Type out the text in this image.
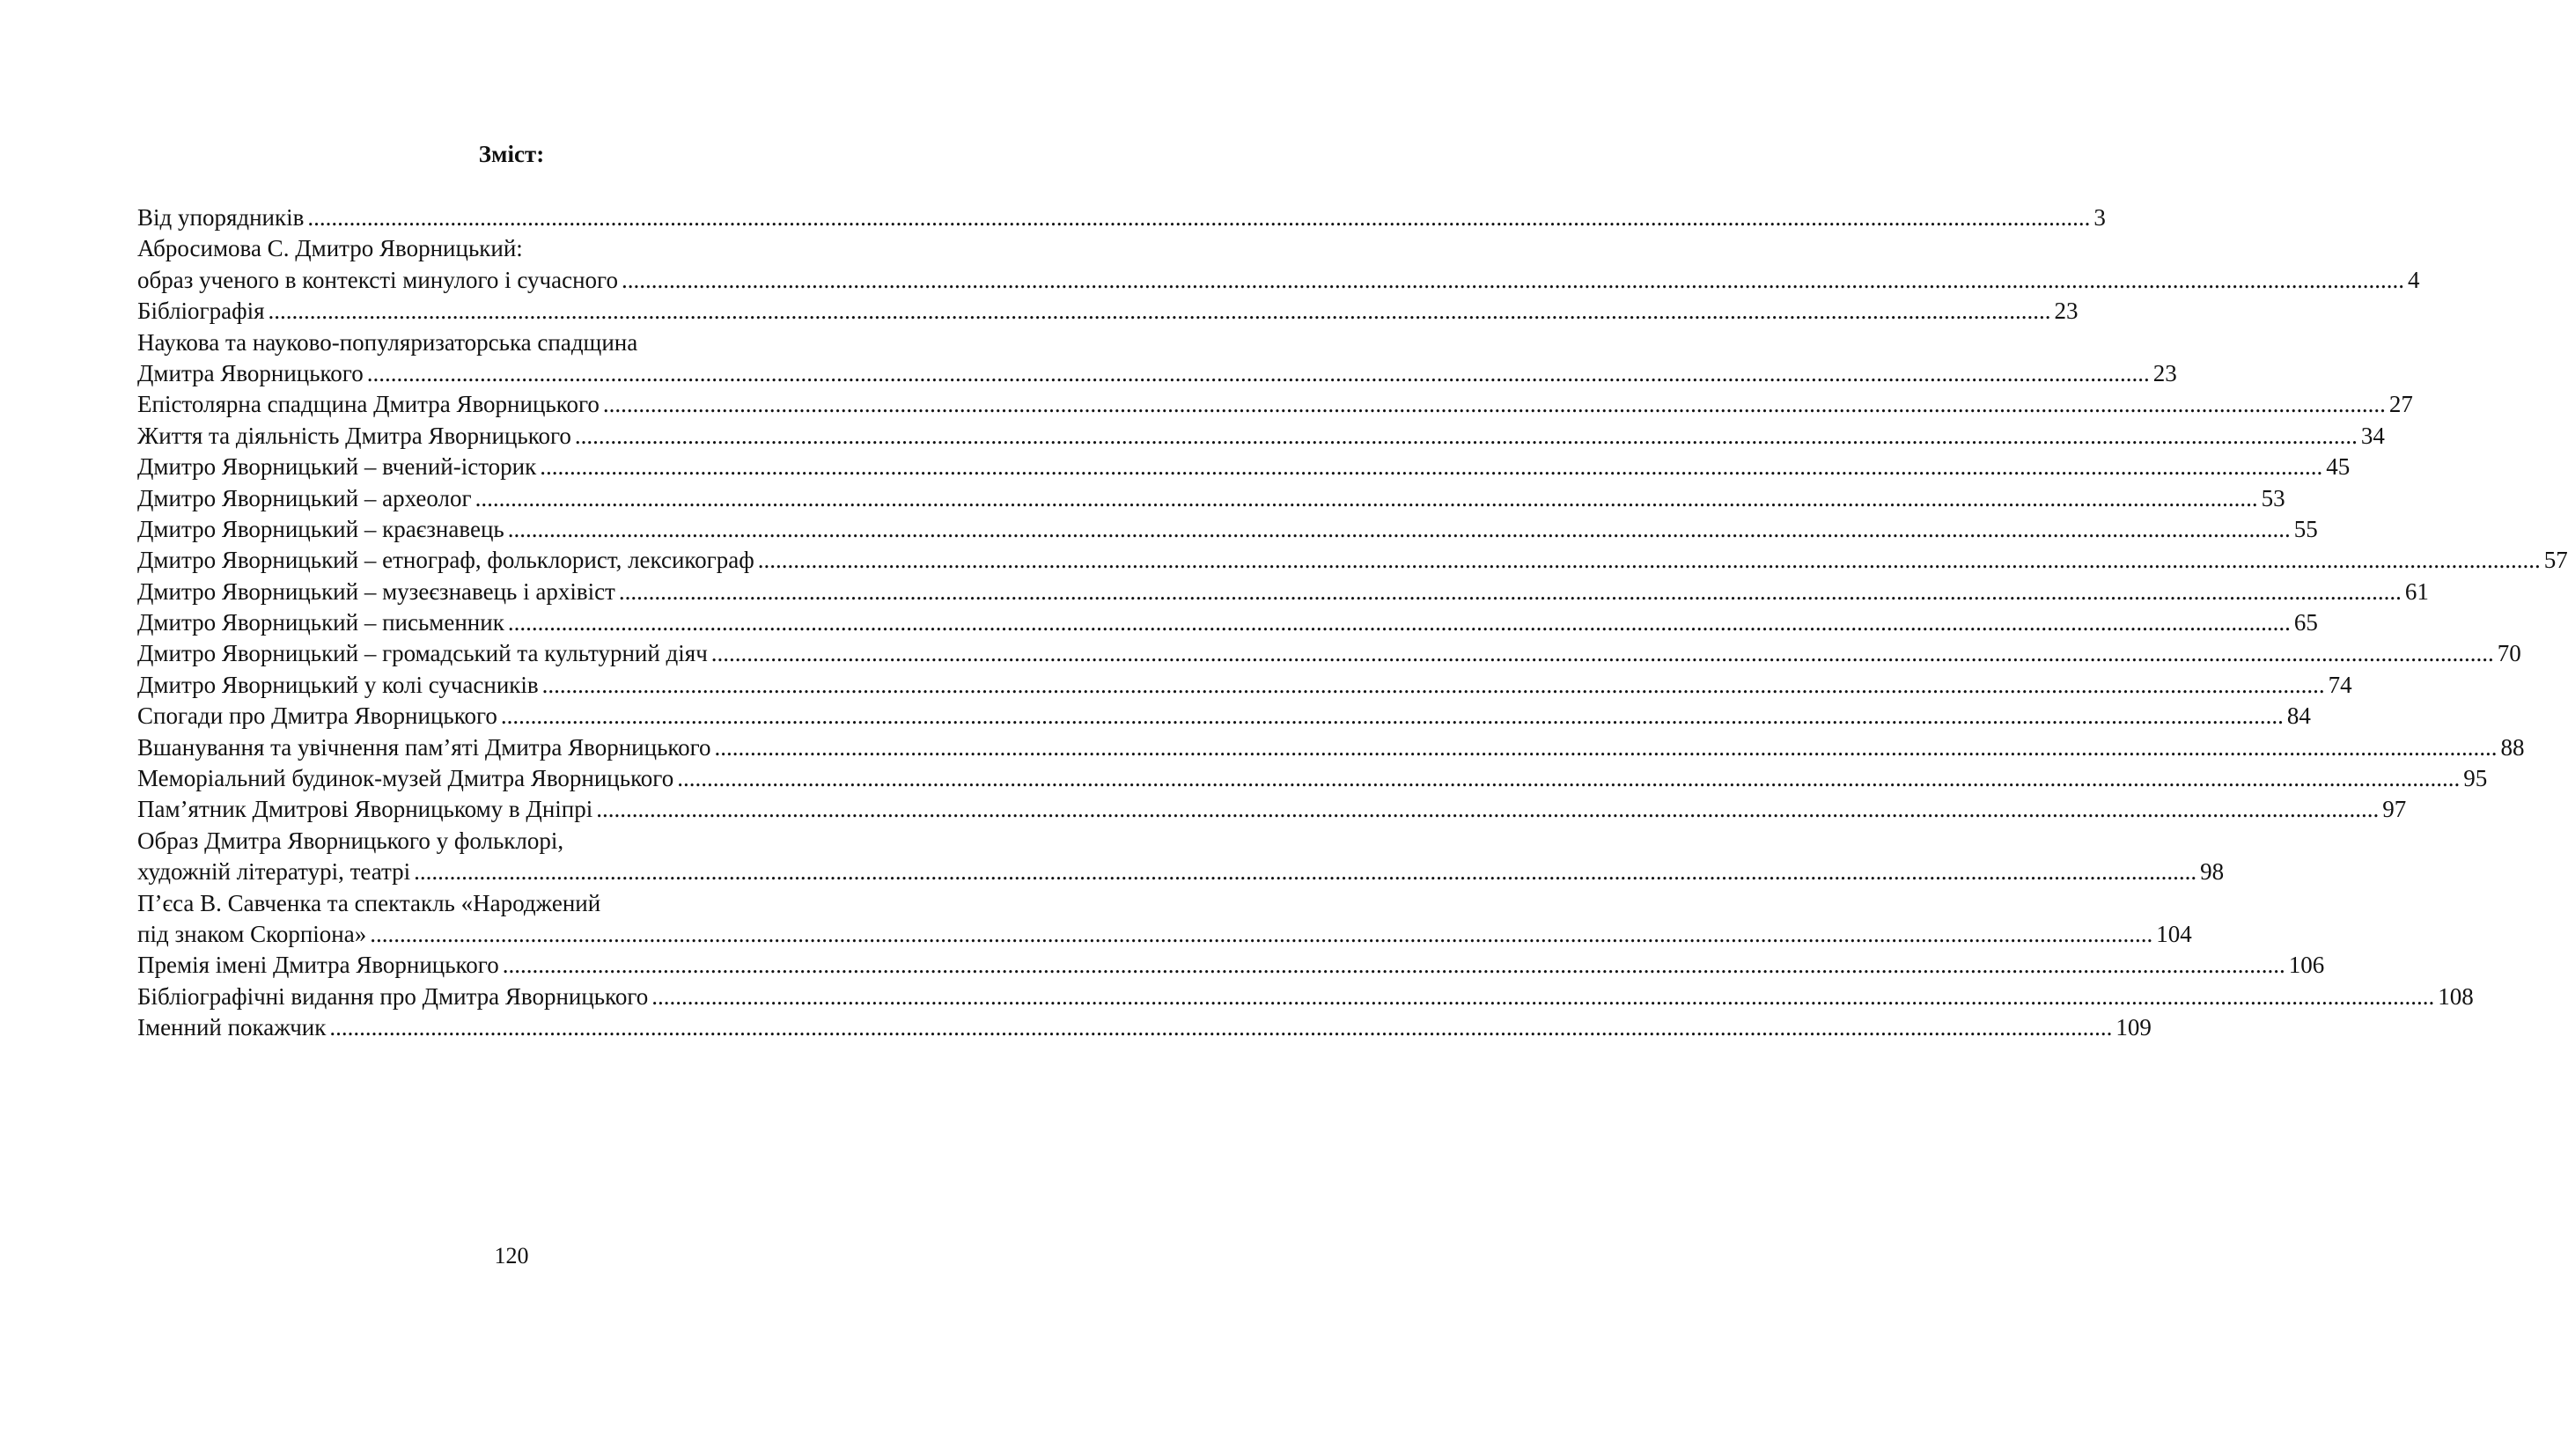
Зміст:
Від упорядників ............................................................................................................................................................................................................................................................................................................ 3
Абросимова С. Дмитро Яворницький:
образ ученого в контексті минулого і сучасного ............................................................................................................................................................................................................................................................................................................ 4
Бібліографія ............................................................................................................................................................................................................................................................................................................ 23
Наукова та науково-популяризаторська спадщина
Дмитра Яворницького ............................................................................................................................................................................................................................................................................................................ 23
Епістолярна спадщина Дмитра Яворницького ............................................................................................................................................................................................................................................................................................................ 27
Життя та діяльність Дмитра Яворницького ............................................................................................................................................................................................................................................................................................................ 34
Дмитро Яворницький – вчений-історик ............................................................................................................................................................................................................................................................................................................ 45
Дмитро Яворницький – археолог ............................................................................................................................................................................................................................................................................................................ 53
Дмитро Яворницький – краєзнавець ............................................................................................................................................................................................................................................................................................................ 55
Дмитро Яворницький – етнограф, фольклорист, лексикограф ............................................................................................................................................................................................................................................................................................................ 57
Дмитро Яворницький – музеєзнавець і архівіст ............................................................................................................................................................................................................................................................................................................ 61
Дмитро Яворницький – письменник ............................................................................................................................................................................................................................................................................................................ 65
Дмитро Яворницький – громадський та культурний діяч ............................................................................................................................................................................................................................................................................................................ 70
Дмитро Яворницький у колі сучасників ............................................................................................................................................................................................................................................................................................................ 74
Спогади про Дмитра Яворницького ............................................................................................................................................................................................................................................................................................................ 84
Вшанування та увічнення пам’яті Дмитра Яворницького ............................................................................................................................................................................................................................................................................................................ 88
Меморіальний будинок-музей Дмитра Яворницького ............................................................................................................................................................................................................................................................................................................ 95
Пам’ятник Дмитрові Яворницькому в Дніпрі ............................................................................................................................................................................................................................................................................................................ 97
Образ Дмитра Яворницького у фольклорі,
художній літературі, театрі ............................................................................................................................................................................................................................................................................................................ 98
П’єса В. Савченка та спектакль «Народжений
під знаком Скорпіона» ............................................................................................................................................................................................................................................................................................................ 104
Премія імені Дмитра Яворницького ............................................................................................................................................................................................................................................................................................................ 106
Бібліографічні видання про Дмитра Яворницького ............................................................................................................................................................................................................................................................................................................ 108
Іменний покажчик ............................................................................................................................................................................................................................................................................................................ 109
120
